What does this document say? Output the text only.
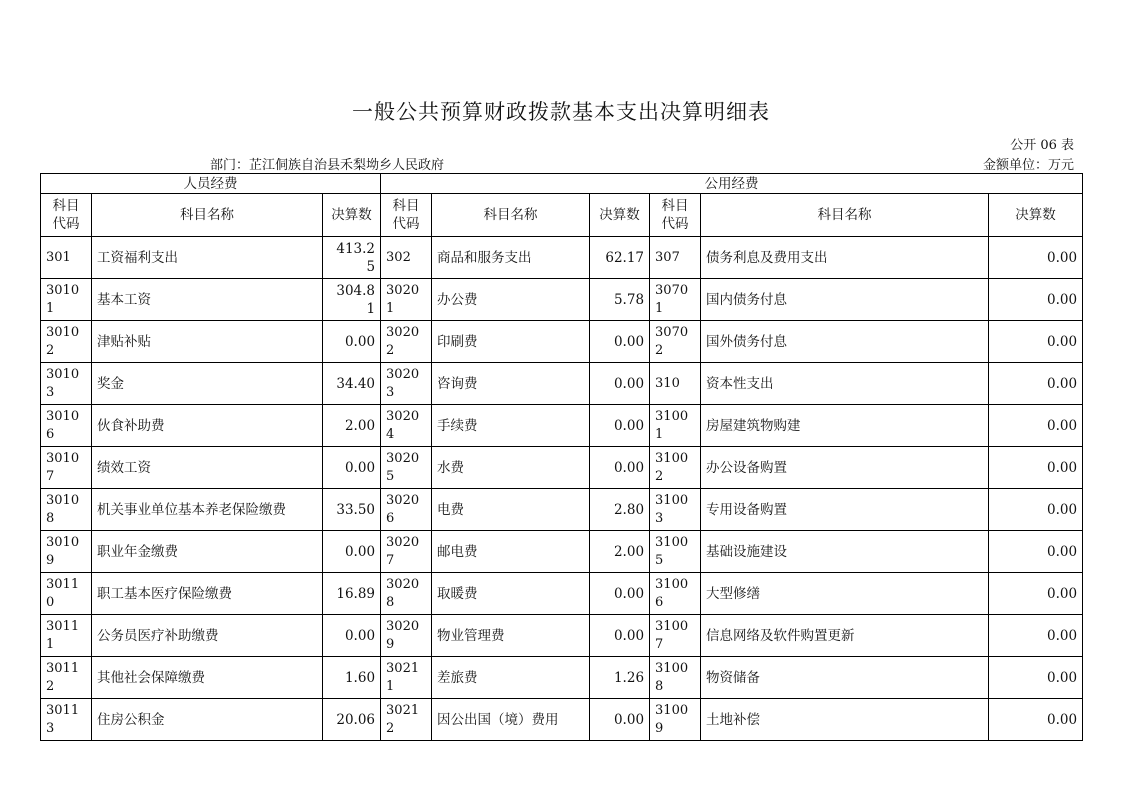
一般公共预算财政拨款基本支出决算明细表
公开 06 表
部门：芷江侗族自治县禾梨坳乡人民政府	金额单位：万元
人员经费			公用经费					
科目代码	科目名称	决算数	科目代码	科目名称	决算数	科目代码	科目名称	决算数
301	工资福利支出	413.25	302	商品和服务支出	62.17	307	债务利息及费用支出	0.00
30101	基本工资	304.81	30201	办公费	5.78	30701	国内债务付息	0.00
30102	津贴补贴	0.00	30202	印刷费	0.00	30702	国外债务付息	0.00
30103	奖金	34.40	30203	咨询费	0.00	310	资本性支出	0.00
30106	伙食补助费	2.00	30204	手续费	0.00	31001	房屋建筑物购建	0.00
30107	绩效工资	0.00	30205	水费	0.00	31002	办公设备购置	0.00
30108	机关事业单位基本养老保险缴费	33.50	30206	电费	2.80	31003	专用设备购置	0.00
30109	职业年金缴费	0.00	30207	邮电费	2.00	31005	基础设施建设	0.00
30110	职工基本医疗保险缴费	16.89	30208	取暖费	0.00	31006	大型修缮	0.00
30111	公务员医疗补助缴费	0.00	30209	物业管理费	0.00	31007	信息网络及软件购置更新	0.00
30112	其他社会保障缴费	1.60	30211	差旅费	1.26	31008	物资储备	0.00
30113	住房公积金	20.06	30212	因公出国（境）费用	0.00	31009	土地补偿	0.00
